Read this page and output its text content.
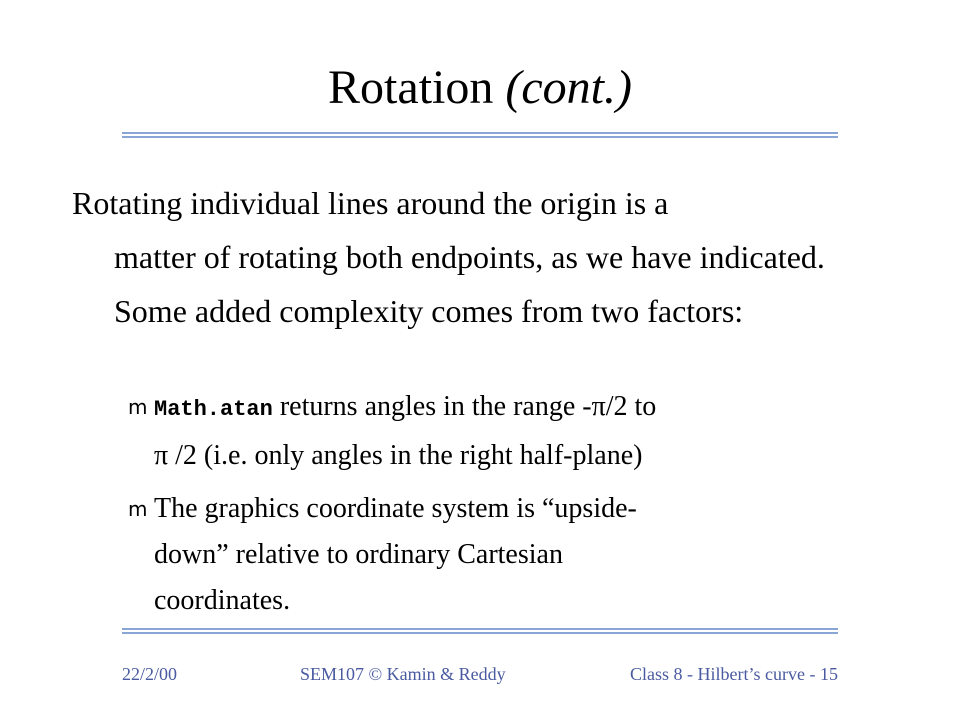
Rotation (cont.)
Rotating individual lines around the origin is a
matter of rotating both endpoints, as we have indicated. Some added complexity comes from two factors:
m Math.atan returns angles in the range -π/2 to
π /2 (i.e. only angles in the right half-plane)
m The graphics coordinate system is “upside-
down” relative to ordinary Cartesian
coordinates.
22/2/00	SEM107 © Kamin & Reddy	Class 8 - Hilbert’s curve - 15
